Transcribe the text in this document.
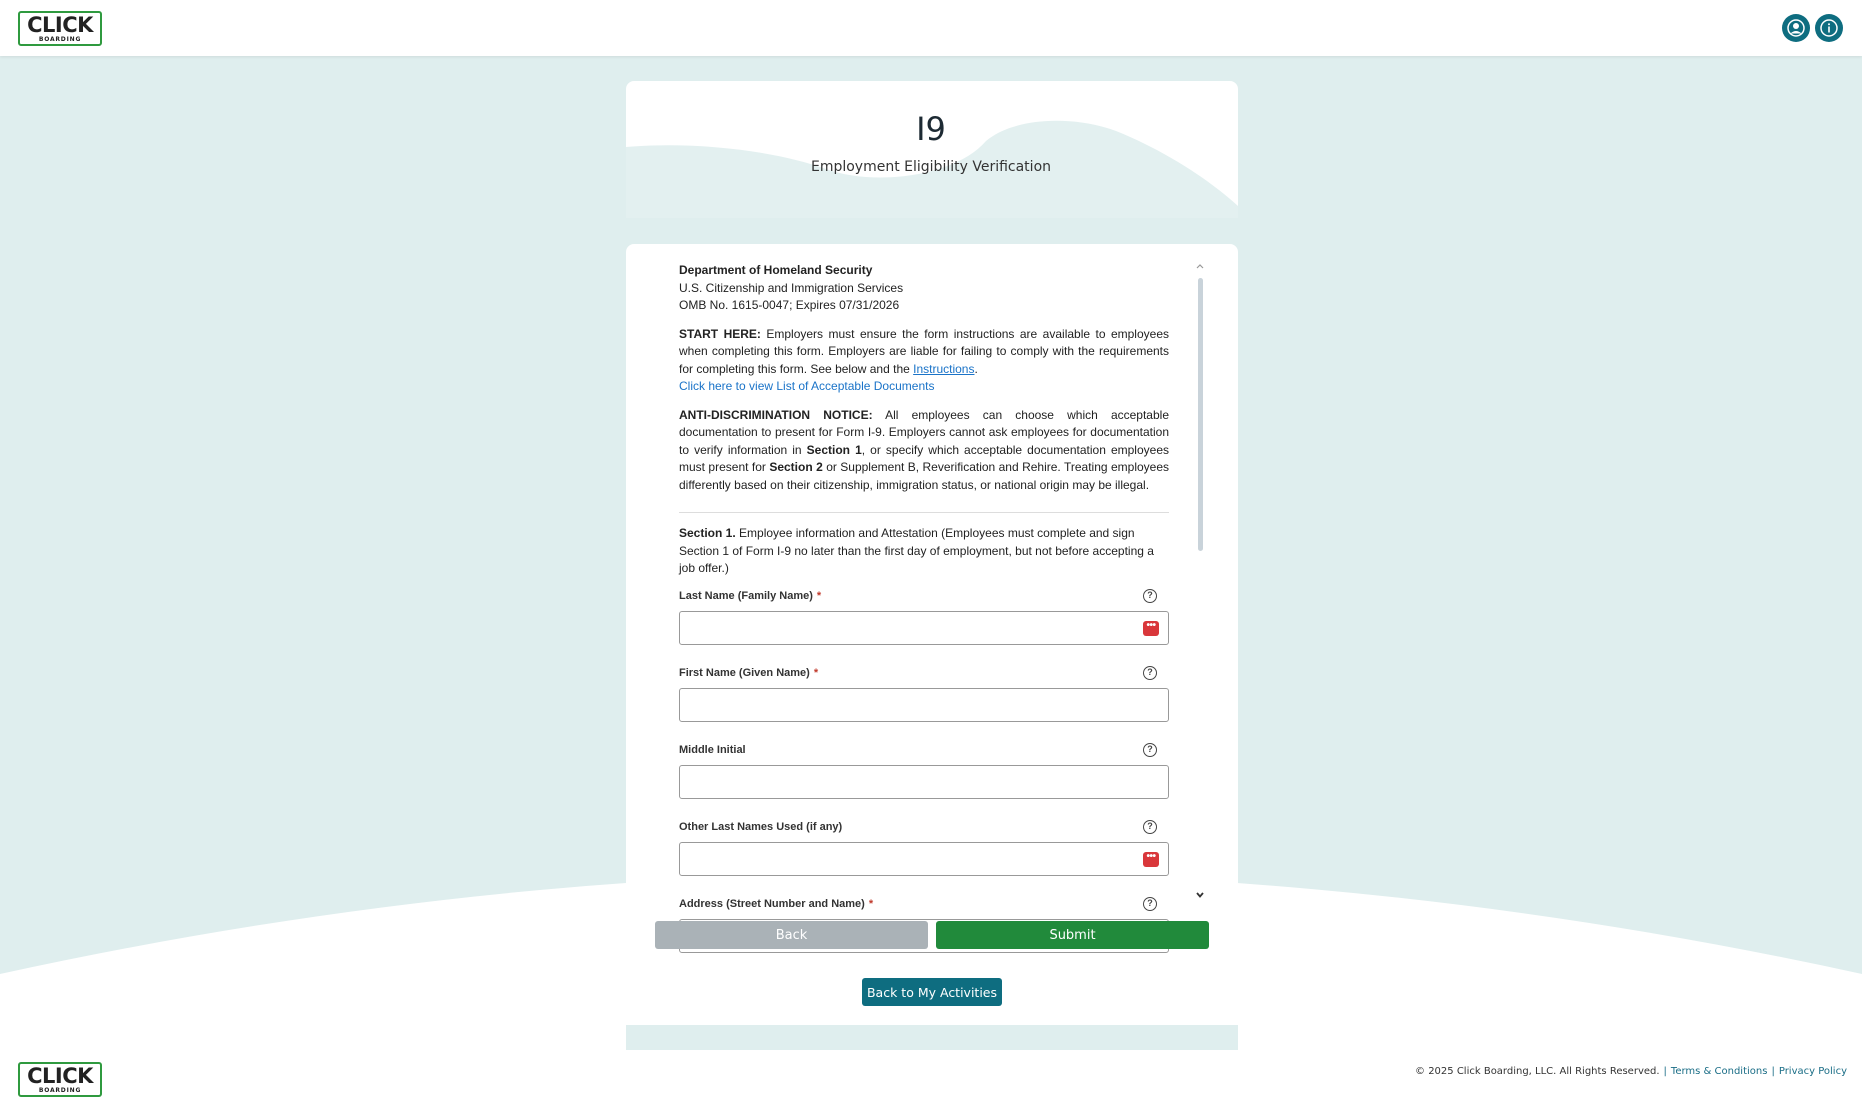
CLICK
BOARDING
I9
Employment Eligibility Verification
Department of Homeland Security
U.S. Citizenship and Immigration Services
OMB No. 1615-0047; Expires 07/31/2026
START HERE: Employers must ensure the form instructions are available to employees when completing this form. Employers are liable for failing to comply with the requirements for completing this form. See below and the Instructions.
Click here to view List of Acceptable Documents
ANTI-DISCRIMINATION NOTICE: All employees can choose which acceptable documentation to present for Form I-9. Employers cannot ask employees for documentation to verify information in Section 1, or specify which acceptable documentation employees must present for Section 2 or Supplement B, Reverification and Rehire. Treating employees differently based on their citizenship, immigration status, or national origin may be illegal.
Section 1. Employee information and Attestation (Employees must complete and sign Section 1 of Form I-9 no later than the first day of employment, but not before accepting a job offer.)
Last Name (Family Name) *	?
•••
First Name (Given Name) *	?
Middle Initial	?
Other Last Names Used (if any)	?
•••
Address (Street Number and Name) *	?
Back	Submit
Back to My Activities
CLICK
BOARDING
© 2025 Click Boarding, LLC. All Rights Reserved. | Terms & Conditions | Privacy Policy
